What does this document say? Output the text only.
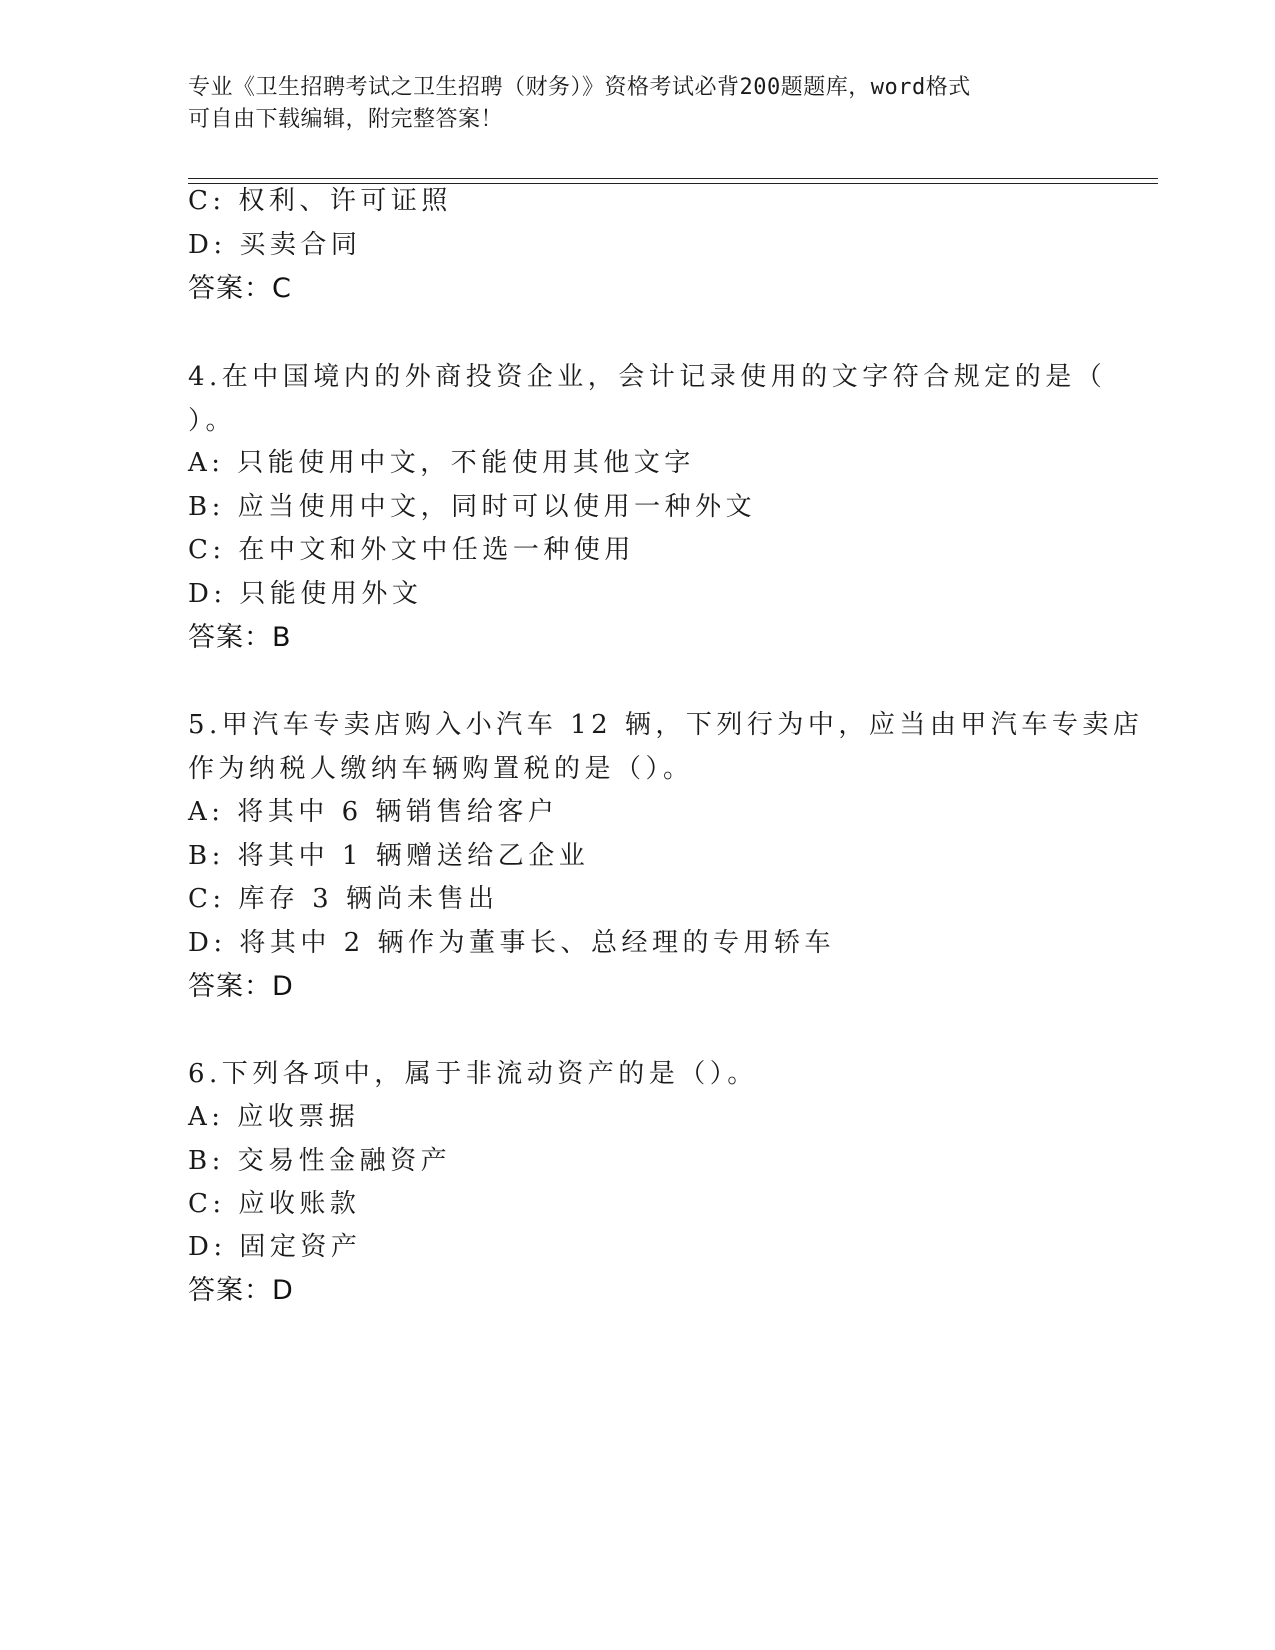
专业《卫生招聘考试之卫生招聘（财务）》资格考试必背200题题库，word格式
可自由下载编辑，附完整答案！
C: 权利、许可证照
D: 买卖合同
答案：C
4.在中国境内的外商投资企业，会计记录使用的文字符合规定的是（
）。
A: 只能使用中文，不能使用其他文字
B: 应当使用中文，同时可以使用一种外文
C: 在中文和外文中任选一种使用
D: 只能使用外文
答案：B
5.甲汽车专卖店购入小汽车 12 辆，下列行为中，应当由甲汽车专卖店
作为纳税人缴纳车辆购置税的是（）。
A: 将其中 6 辆销售给客户
B: 将其中 1 辆赠送给乙企业
C: 库存 3 辆尚未售出
D: 将其中 2 辆作为董事长、总经理的专用轿车
答案：D
6.下列各项中，属于非流动资产的是（）。
A: 应收票据
B: 交易性金融资产
C: 应收账款
D: 固定资产
答案：D
